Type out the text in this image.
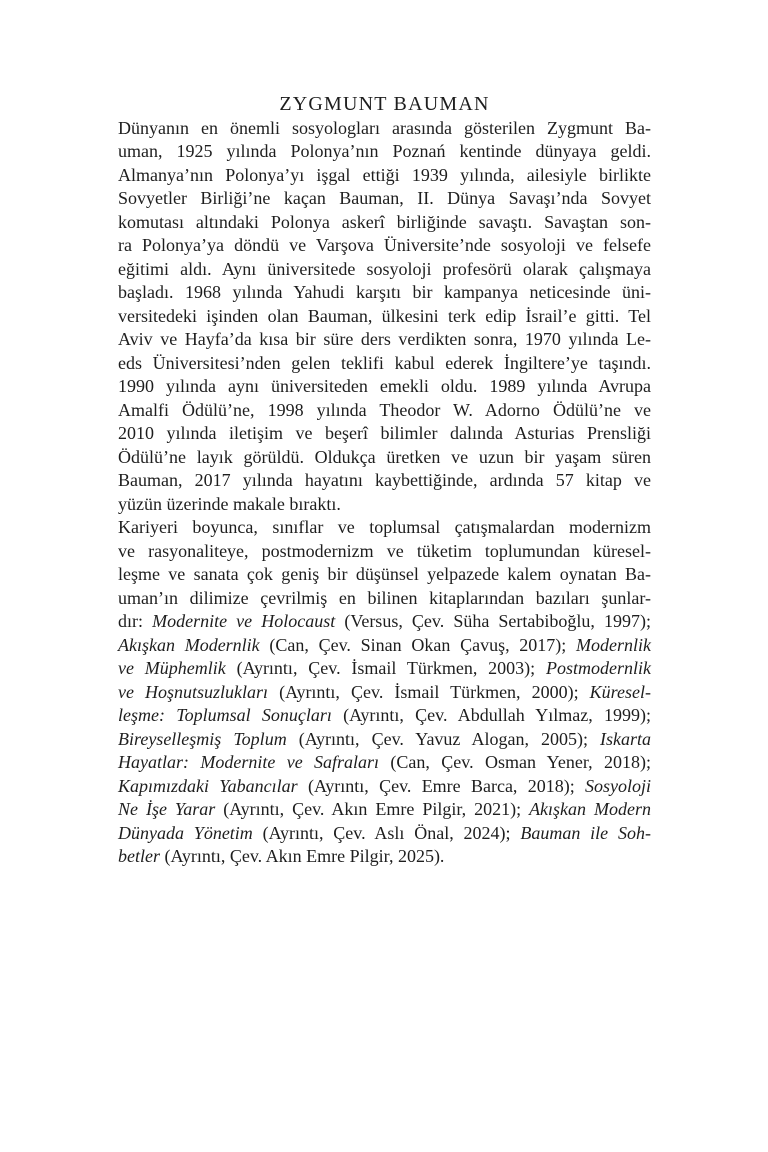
ZYGMUNT BAUMAN
Dünyanın en önemli sosyologları arasında gösterilen Zygmunt Ba-
uman, 1925 yılında Polonya’nın Poznań kentinde dünyaya geldi.
Almanya’nın Polonya’yı işgal ettiği 1939 yılında, ailesiyle birlikte
Sovyetler Birliği’ne kaçan Bauman, II. Dünya Savaşı’nda Sovyet
komutası altındaki Polonya askerî birliğinde savaştı. Savaştan son-
ra Polonya’ya döndü ve Varşova Üniversite’nde sosyoloji ve felsefe
eğitimi aldı. Aynı üniversitede sosyoloji profesörü olarak çalışmaya
başladı. 1968 yılında Yahudi karşıtı bir kampanya neticesinde üni-
versitedeki işinden olan Bauman, ülkesini terk edip İsrail’e gitti. Tel
Aviv ve Hayfa’da kısa bir süre ders verdikten sonra, 1970 yılında Le-
eds Üniversitesi’nden gelen teklifi kabul ederek İngiltere’ye taşındı.
1990 yılında aynı üniversiteden emekli oldu. 1989 yılında Avrupa
Amalfi Ödülü’ne, 1998 yılında Theodor W. Adorno Ödülü’ne ve
2010 yılında iletişim ve beşerî bilimler dalında Asturias Prensliği
Ödülü’ne layık görüldü. Oldukça üretken ve uzun bir yaşam süren
Bauman, 2017 yılında hayatını kaybettiğinde, ardında 57 kitap ve
yüzün üzerinde makale bıraktı.
Kariyeri boyunca, sınıflar ve toplumsal çatışmalardan modernizm
ve rasyonaliteye, postmodernizm ve tüketim toplumundan küresel-
leşme ve sanata çok geniş bir düşünsel yelpazede kalem oynatan Ba-
uman’ın dilimize çevrilmiş en bilinen kitaplarından bazıları şunlar-
dır: Modernite ve Holocaust (Versus, Çev. Süha Sertabiboğlu, 1997);
Akışkan Modernlik (Can, Çev. Sinan Okan Çavuş, 2017); Modernlik
ve Müphemlik (Ayrıntı, Çev. İsmail Türkmen, 2003); Postmodernlik
ve Hoşnutsuzlukları (Ayrıntı, Çev. İsmail Türkmen, 2000); Küresel-
leşme: Toplumsal Sonuçları (Ayrıntı, Çev. Abdullah Yılmaz, 1999);
Bireyselleşmiş Toplum (Ayrıntı, Çev. Yavuz Alogan, 2005); Iskarta
Hayatlar: Modernite ve Safraları (Can, Çev. Osman Yener, 2018);
Kapımızdaki Yabancılar (Ayrıntı, Çev. Emre Barca, 2018); Sosyoloji
Ne İşe Yarar (Ayrıntı, Çev. Akın Emre Pilgir, 2021); Akışkan Modern
Dünyada Yönetim (Ayrıntı, Çev. Aslı Önal, 2024); Bauman ile Soh-
betler (Ayrıntı, Çev. Akın Emre Pilgir, 2025).
